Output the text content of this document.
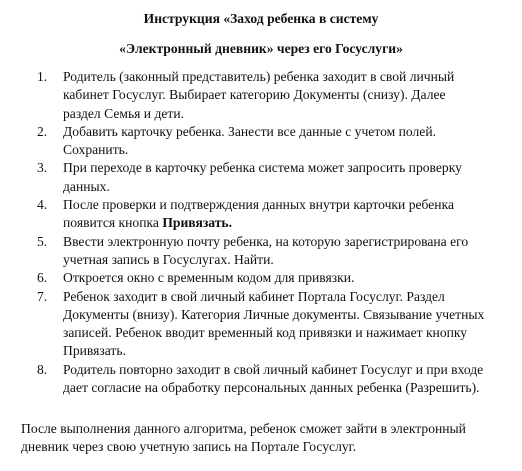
Инструкция «Заход ребенка в систему

«Электронный дневник» через его Госуслуги»

1. Родитель (законный представитель) ребенка заходит в свой личный
кабинет Госуслуг. Выбирает категорию Документы (снизу). Далее
раздел Семья и дети.
2. Добавить карточку ребенка. Занести все данные с учетом полей.
Сохранить.
3. При переходе в карточку ребенка система может запросить проверку
данных.
4. После проверки и подтверждения данных внутри карточки ребенка
появится кнопка Привязать.
5. Ввести электронную почту ребенка, на которую зарегистрирована его
учетная запись в Госуслугах. Найти.
6. Откроется окно с временным кодом для привязки.
7. Ребенок заходит в свой личный кабинет Портала Госуслуг. Раздел
Документы (внизу). Категория Личные документы. Связывание учетных
записей. Ребенок вводит временный код привязки и нажимает кнопку
Привязать.
8. Родитель повторно заходит в свой личный кабинет Госуслуг и при входе
дает согласие на обработку персональных данных ребенка (Разрешить).
После выполнения данного алгоритма, ребенок сможет зайти в электронный
дневник через свою учетную запись на Портале Госуслуг.
